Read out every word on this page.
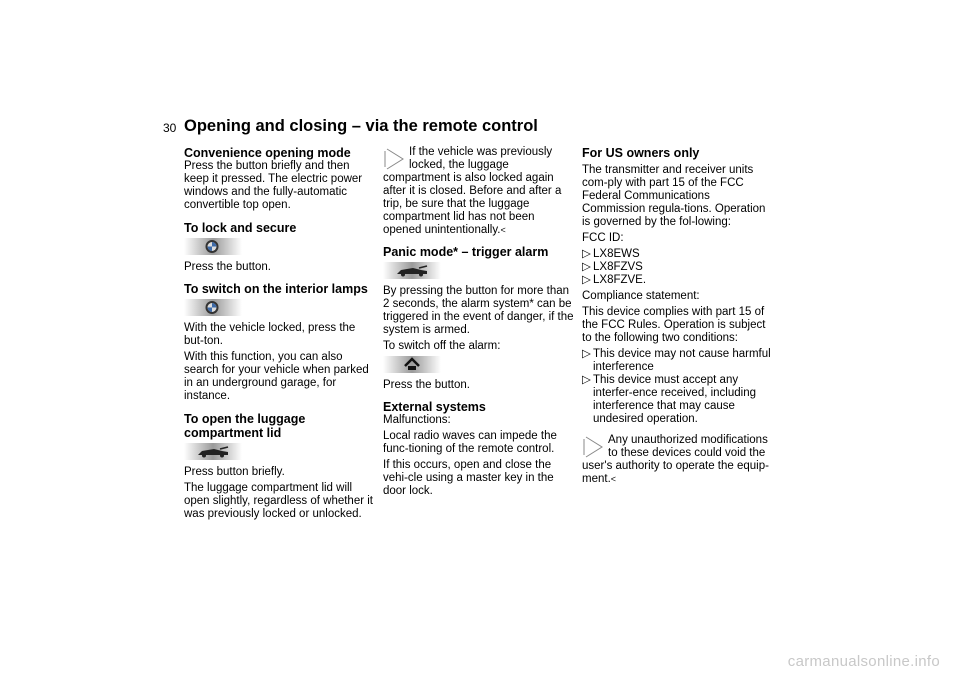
30 Opening and closing – via the remote control
Convenience opening mode

Press the button briefly and then keep it pressed. The electric power windows and the fully-automatic convertible top open.

To lock and secure

Press the button.

To switch on the interior lamps

With the vehicle locked, press the but-ton.

With this function, you can also search for your vehicle when parked in an underground garage, for instance.

To open the luggage compartment lid

Press button briefly.

The luggage compartment lid will open slightly, regardless of whether it was previously locked or unlocked.

If the vehicle was previously locked, the luggage compartment is also locked again after it is closed. Before and after a trip, be sure that the luggage compartment lid has not been opened unintentionally.<

Panic mode* – trigger alarm

By pressing the button for more than 2 seconds, the alarm system* can be triggered in the event of danger, if the system is armed.

To switch off the alarm:

Press the button.

External systems

Malfunctions:

Local radio waves can impede the func-tioning of the remote control.

If this occurs, open and close the vehi-cle using a master key in the door lock.

For US owners only

The transmitter and receiver units com-ply with part 15 of the FCC Federal Communications Commission regula-tions. Operation is governed by the fol-lowing:

FCC ID:

▷ LX8EWS
▷ LX8FZVS
▷ LX8FZVE.

Compliance statement:

This device complies with part 15 of the FCC Rules. Operation is subject to the following two conditions:

▷ This device may not cause harmful interference
▷ This device must accept any interfer-ence received, including interference that may cause undesired operation.

Any unauthorized modifications to these devices could void the user's authority to operate the equip-ment.<
carmanualsonline.info
